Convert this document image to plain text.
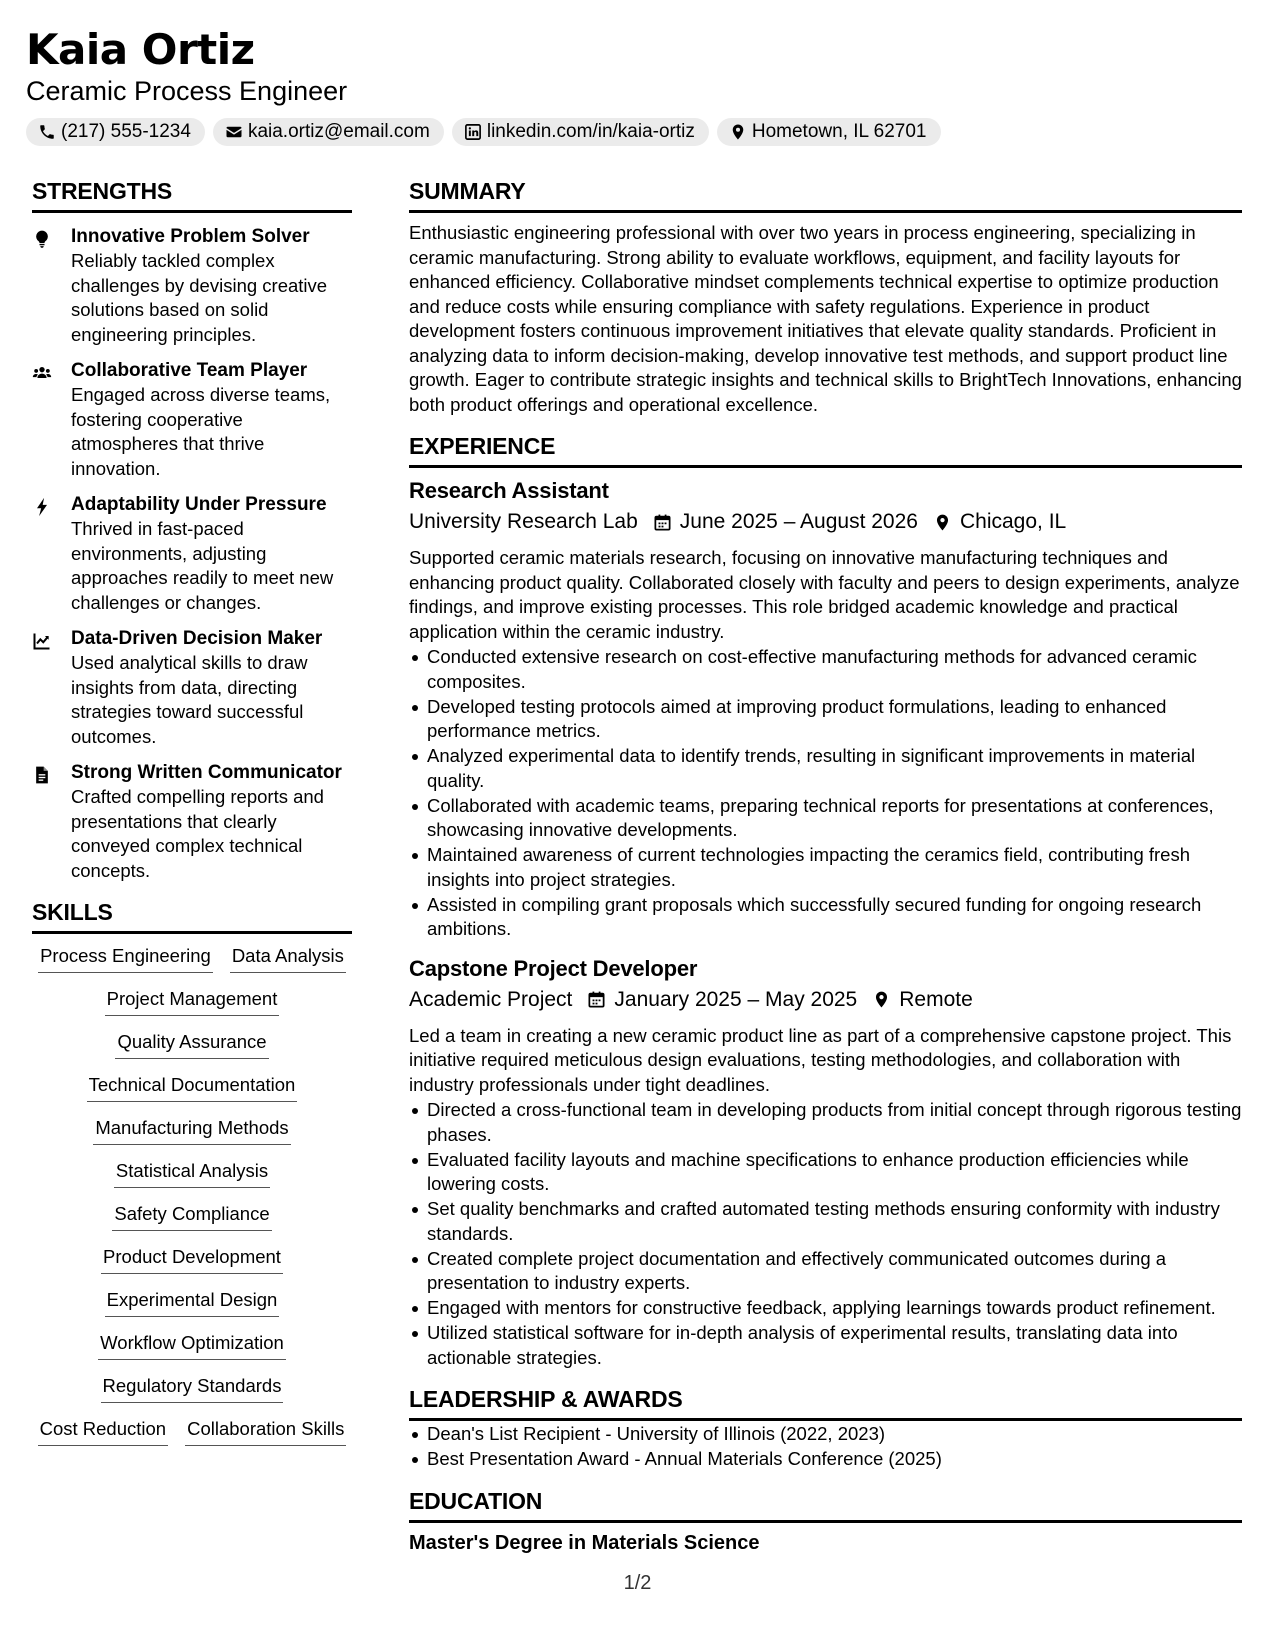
Kaia Ortiz
Ceramic Process Engineer
(217) 555-1234	kaia.ortiz@email.com	linkedin.com/in/kaia-ortiz	Hometown, IL 62701
STRENGTHS
Innovative Problem Solver
Reliably tackled complex challenges by devising creative solutions based on solid engineering principles.
Collaborative Team Player
Engaged across diverse teams, fostering cooperative atmospheres that thrive innovation.
Adaptability Under Pressure
Thrived in fast-paced environments, adjusting approaches readily to meet new challenges or changes.
Data-Driven Decision Maker
Used analytical skills to draw insights from data, directing strategies toward successful outcomes.
Strong Written Communicator
Crafted compelling reports and presentations that clearly conveyed complex technical concepts.
SKILLS
Process Engineering Data Analysis
Project Management
Quality Assurance
Technical Documentation
Manufacturing Methods
Statistical Analysis
Safety Compliance
Product Development
Experimental Design
Workflow Optimization
Regulatory Standards
Cost Reduction Collaboration Skills
SUMMARY

Enthusiastic engineering professional with over two years in process engineering, specializing in ceramic manufacturing. Strong ability to evaluate workflows, equipment, and facility layouts for enhanced efficiency. Collaborative mindset complements technical expertise to optimize production and reduce costs while ensuring compliance with safety regulations. Experience in product development fosters continuous improvement initiatives that elevate quality standards. Proficient in analyzing data to inform decision-making, develop innovative test methods, and support product line growth. Eager to contribute strategic insights and technical skills to BrightTech Innovations, enhancing both product offerings and operational excellence.

EXPERIENCE
Research Assistant
University Research Lab June 2025 – August 2026 Chicago, IL

Supported ceramic materials research, focusing on innovative manufacturing techniques and enhancing product quality. Collaborated closely with faculty and peers to design experiments, analyze findings, and improve existing processes. This role bridged academic knowledge and practical application within the ceramic industry.

Conducted extensive research on cost-effective manufacturing methods for advanced ceramic composites.
Developed testing protocols aimed at improving product formulations, leading to enhanced performance metrics.
Analyzed experimental data to identify trends, resulting in significant improvements in material quality.
Collaborated with academic teams, preparing technical reports for presentations at conferences, showcasing innovative developments.
Maintained awareness of current technologies impacting the ceramics field, contributing fresh insights into project strategies.
Assisted in compiling grant proposals which successfully secured funding for ongoing research ambitions.
Capstone Project Developer
Academic Project January 2025 – May 2025 Remote

Led a team in creating a new ceramic product line as part of a comprehensive capstone project. This initiative required meticulous design evaluations, testing methodologies, and collaboration with industry professionals under tight deadlines.

Directed a cross-functional team in developing products from initial concept through rigorous testing phases.
Evaluated facility layouts and machine specifications to enhance production efficiencies while lowering costs.
Set quality benchmarks and crafted automated testing methods ensuring conformity with industry standards.
Created complete project documentation and effectively communicated outcomes during a presentation to industry experts.
Engaged with mentors for constructive feedback, applying learnings towards product refinement.
Utilized statistical software for in-depth analysis of experimental results, translating data into actionable strategies.
LEADERSHIP & AWARDS
Dean's List Recipient - University of Illinois (2022, 2023)
Best Presentation Award - Annual Materials Conference (2025)
EDUCATION
Master's Degree in Materials Science
1/2
